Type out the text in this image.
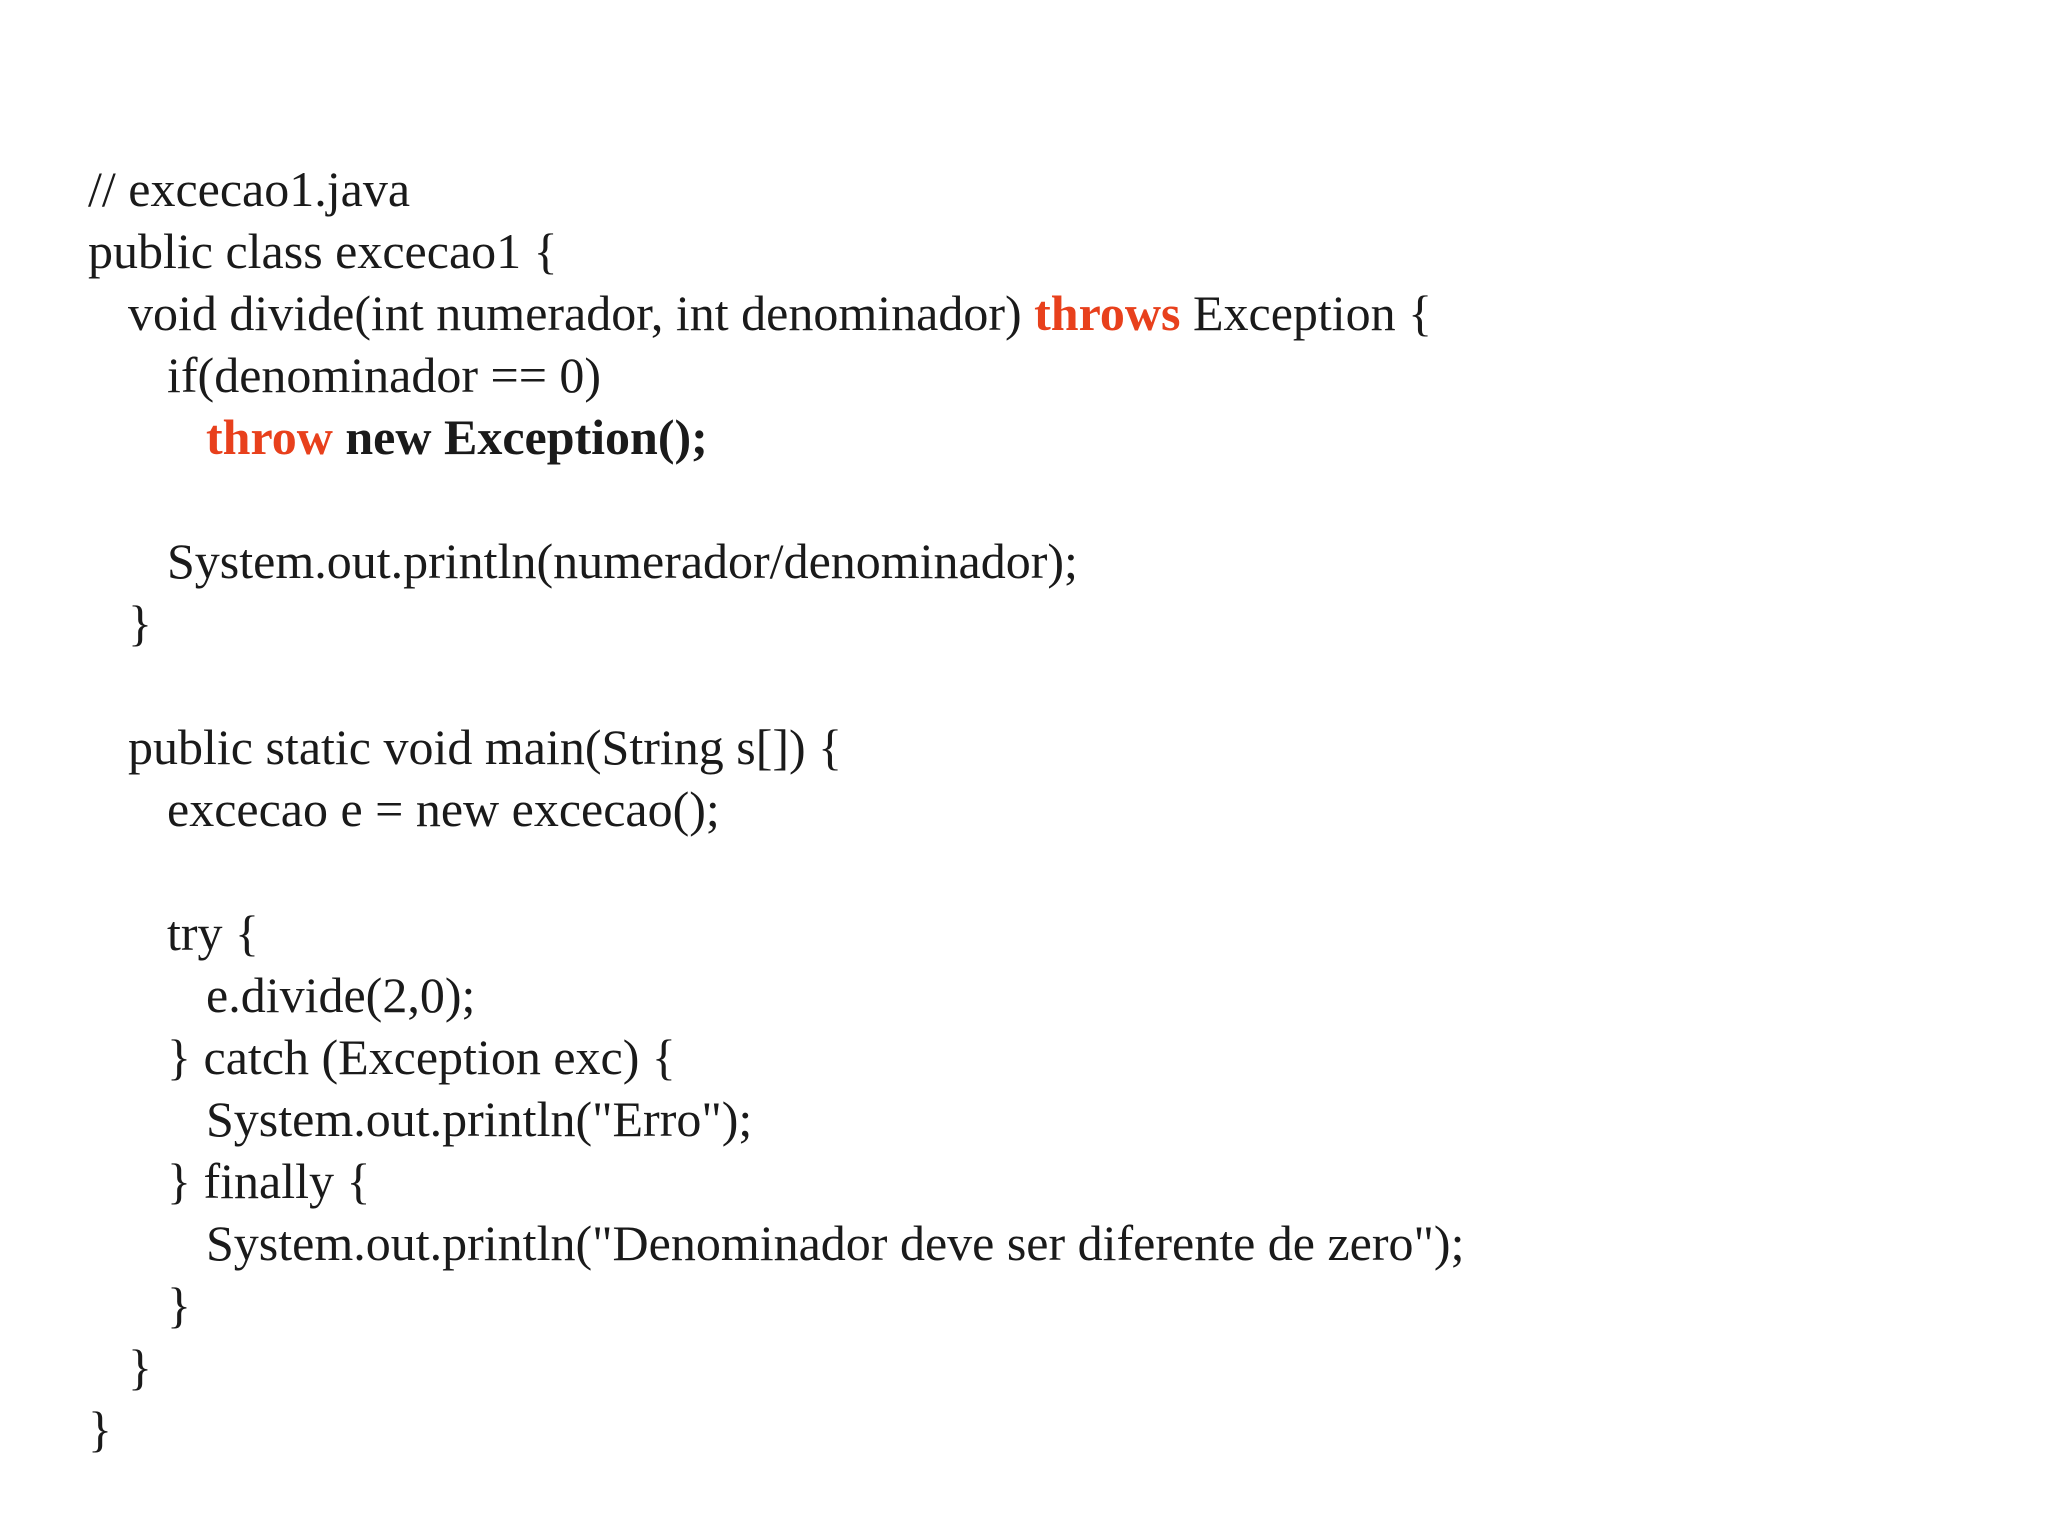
// excecao1.java
public class excecao1 {
void divide(int numerador, int denominador) throws Exception {
if(denominador == 0)
throw new Exception();
System.out.println(numerador/denominador);
}
public static void main(String s[]) {
excecao e = new excecao();
try {
e.divide(2,0);
} catch (Exception exc) {
System.out.println("Erro");
} finally {
System.out.println("Denominador deve ser diferente de zero");
}
}
}
